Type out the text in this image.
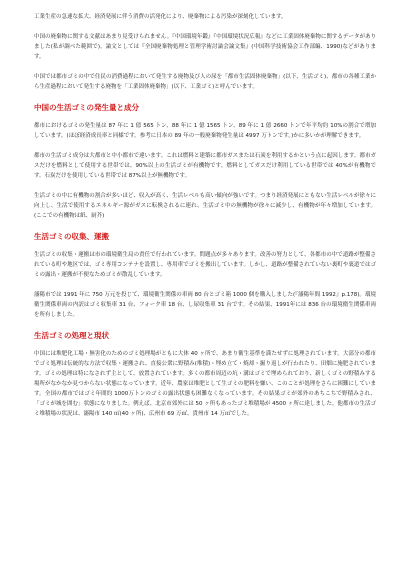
工業生産の急速な拡大、経済発展に伴う消費の活発化により、廃棄物による汚染が深刻化しています。

中国の廃棄物に関する文献はあまり見受けられません。『中国環境年鑑』『中国環境状況広報』などに工業固体廃棄物に関するデータがありました(私が調べた範囲で)。論文としては『全国廃棄物処理と管理学術討論会論文集』(中国科学技術協会工作部編、1990)などがあります。

中国では都市ゴミの中で住民の消費過程において発生する廃物及び人の尿を「都市生活固体廃棄物」(以下、生活ゴミ)、都市の各種工業から生産過程において発生する廃物を「工業固体廃棄物」(以下、工業ゴミ)と呼んでいます。

中国の生活ゴミの発生量と成分

都市におけるゴミの発生量は 87 年に 1 億 565 トン、88 年に 1 億 1565 トン、89 年に 1 億 2660 トンで年平均約 10%の割合で増加しています。(ほぼ経済成長率と同様です。参考に日本の 89 年の一般廃棄物発生量は 4997 万トンです。)かに多いかが理解できます。

都市の生活ゴミ成分は大都市と中小都市で違います。これは燃料と建築に都市ガスまたは石炭を利用するかという点に起因します。都市ガスだけを燃料として使用する世帯では、90%以上の生活ゴミが有機物です。燃料としてガスだけ利用している世帯では 40%が有機物です。石炭だけを使用している世帯では 87%以上が無機物です。

生活ゴミの中に有機物の割合が多いほど、収入が高く、生活レベルも高い傾向が強いです。つまり経済発展にともない生活レベルが徐々に向上し、生活で使用するエネルギー源がガスに転換されるに連れ、生活ゴミ中の無機物が徐々に減少し、有機物が年々増加しています。(ここでの有機物は紙、厨芥)

生活ゴミの収集、運搬

生活ゴミの収集・運搬は市の環境衛生局の責任で行われています。問題点が多々あります。改善の努力として、各都市の中で道路が整備されている町や地区では、ゴミ専用コンテナを設置し、専用車でゴミを搬出しています。しかし、道路が整備されていない裏町や裏道ではゴミの露出・運搬が不便なためゴミが散乱しています。

瀋陽市では 1991 年に 750 万元を投じて、環境衛生関係の車両 80 台とゴミ箱 1000 個を購入しました(『瀋陽年間 1992』p.178)。環境衛生関係車両の内訳はゴミ収集車 31 台、フォーク車 18 台、し尿収集車 31 台です。その結果、1991年には 836 台の環境衛生関係車両を所有しました。

生活ゴミの処理と現状

中国には堆肥化工場・無害化のためのゴミ処理場がともに大体 40 ヶ所で、あまり衛生基準を満たせずに処理されています。大部分の都市でゴミ処理は伝統的な方法で収集・運搬され、直接公衆に野積み(堆積)・埋め立て・焼却・掘り返しが行われたり、田畑に施肥されています。ゴミの処理は特になされず主として、放置されています。多くの都市周辺の坑・溝はゴミで埋められており、新しくゴミの野積みする場所がなかなか見つからない状態になっています。近年、農家は堆肥として生ゴミの肥料を嫌い、このことが処理をさらに困難にしています。全国の都市ではゴミ年間約 1000万トンのゴミの露出状態も困難なくなっています。その結果ゴミが郊外のあちこちで野積みされ、「ゴミが城を囲む」状態になりました。例えば、北京市郊外には 50 ヶ所もあったゴミ堆積場が 4500 ヶ所に達しました。他都市の生活ゴミ堆積場の状況は、瀋陽市 140 ㎡(40 ヶ所)、広州市 69 万㎡、貴州市 14 万㎡でした。
